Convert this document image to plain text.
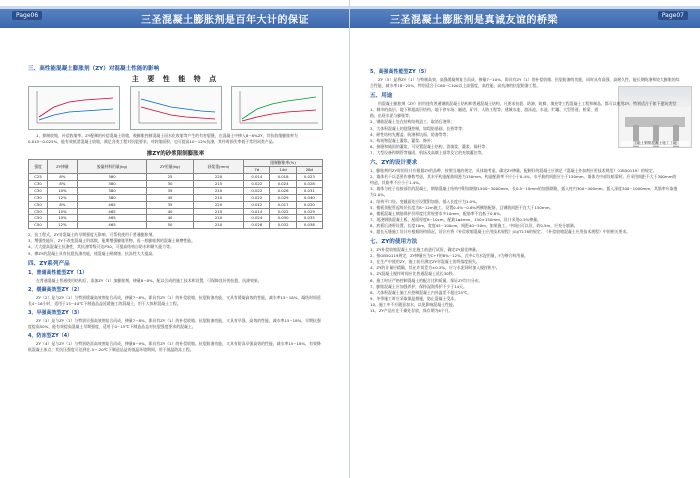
Page06	三圣混凝土膨胀剂是百年大计的保证
三、高性能混凝土膨胀剂（ZY）对混凝土性能的影响
主 要 性 能 特 点

1、抑制收缩，补偿收缩率。ZY配制的补偿混凝土收缩，被膨胀控制混凝土因水化收缩等产生的有害裂缝，在混凝土中掺入8~8%ZY，其抗收缩膨胀率为0.015~0.025%，能有效抵消混凝土收缩，满足各类工程对抗裂要求，对收缩面积、也可提高10~12%抗渗，其经时损失率低于常用同类产品。

掺ZY的砂浆限制膨胀率
强度	ZY掺量	胶凝材料用量(kg)	ZY用量(kg)	砂浆重(mm)	限制膨胀率(%)		
					7d	14d	28d
C25	8%	380	25	220	0.014	0.018	0.023
C30	8%	380	30	215	0.022	0.024	0.028
C30	10%	380	35	210	0.022	0.026	0.031
C30	12%	380	45	210	0.022	0.029	0.040
C50	8%	465	35	220	0.012	0.017	0.020
C50	10%	465	40	215	0.014	0.022	0.029
C50	10%	465	40	210	0.024	0.030	0.035
C50	12%	465	50	210	0.028	0.032	0.038

2、抗工程式，ZY对混凝土的早期强度无影响，可帮机使用于普通膨胀剂。

3、增强性能好，ZY不改变混凝土坍落数，能期增强膨胀管物，再一般膨胀剂的混凝土耐磨性能。

4、大大提高混凝土抗渗性，其抗渗等级可达P30，可提高结构自防水和耐久能力等。

5、掺ZY的混凝土具有抗裂抗渗功能，使混凝土耐腐蚀、抗冻性大大提高。

四、ZY系列产品
1、普通高性能型ZY（1）

在普通混凝土普通使用结构后，添加ZY（1）加膨胀剂，掺量8~8%，配以合成的施工技术和设置，可保障良好的抗裂、抗渗效果。

2、缓凝高效型ZY（2）

ZY（2）是与ZY（1）与特别缓凝高效剂复合而成，掺量7~8%，即具有ZY（1）的补偿收缩、抗裂防渗功能，又具有缓凝高效的性能，减水率15~18%，凝结时间延长4~16小时，适用于15~40℃下制造品益延缓施工的混凝土，用于大体积混凝土工程。

3、早强高效型ZY（3）

ZY（3）是与ZY（1）与特别早强高效剂复合而成，掺量7~8%，即具有ZY（1）的补偿收缩、抗裂防渗功能，又具有早强、高效的性能，减水率15~18%，早期抗强度提高50%，能有效提高混凝土早期强度，适用于0~15℃下制造品益对抗裂强度要求的混凝土。

4、防冻型ZY（4）

ZY（4）是与ZY（1）与特别防冻高效剂复合而成，掺量8~9%，即具有ZY（1）的补偿收缩、抗裂防渗功能，又具有防冻早强高效的性能，减水率15~18%，有效降低混凝土冰点，其抗压强度可达到在-5~-20℃下制造品益的低温环境期间，用于低温防冻工程。

Page07
三圣混凝土膨胀剂是真诚友谊的桥梁
工地上钢筋混凝土施工工地
5、高强高性能型ZY（5）

ZY（5）是将ZY（1）与特制高效、高强缓凝剂复合而成，掺量7~10%，即具有ZY（1）的补偿收缩、抗裂防渗的功能，同时具有高强、高耐久性，能长期防渗和较大膨胀的综合性能，减水率18~25%，特别适合于C60~C100以上高强度、高性能、高抗渗的抗裂防渗工程。

五、用途

用混凝土膨胀剂（ZY）的用途有普通钢筋混凝土结构和普通混凝土结构，凡要求抗裂、防渗、防腐、填充等工程混凝土工程和制品，都可以使用ZY，特别适合于如下建筑类型：

1、城市的高层、地下和超高层结构、地下停车场、隧道、矿井、人防工程等、建城水池、游泳池、水池、贮罐、大型管道、桥梁、道路、出现水泥与膨胀等；

2、钢筋混凝土处在结构结构造工、取消后浇带；

3、大体积混凝土的裂缝控制，如堤防基础、长桥等等；

4、耐性结构先覆盖、防渗和坑面、防渗等等；

5、构筑物混凝土灌浆、灌浆、修补；

6、接缝和锚固的灌浆，可设置混凝土结构，消填浆、灌浆、锚杆等；

7、大型设备和钢管等锚固，机场及高填土基等及它的充填灌注等。

六、ZY的设计要求

1、膨胀剂用ZY时的设计应根据ZY的品种，按照当地的规定，具体地考虑，确定ZY掺量，配制好的混凝土应满足《混凝土外加剂应用技术规范》（GB50119）的规定。

2、墙体若干以恶景作参数考虑，其水平构造配筋间距为150mm，构造配筋率不应小于0.4%，水平筋的间距应小于150mm，墙体为中部设暗梁时，应采用间距不大于300mm的构造，其筋率不应小于1.4%。

3、墙体与柱子连接部位的混凝土，钢筋混凝土结构中附加钢筋1500~3000mm，长0.5~10mm的加强钢筋，插入柱内300~400mm，插入深度300~1000mm，其筋率应取值为1.0%。

4、结构平口处、变截面处应设置附加筋，插入长度应为1.0%。

5、楼板顶配管起每层长度为8~12m施工，设置0.4%~0.6%两侧筋配筋，且钢筋间距不宜大于150mm。

6、楼板混凝土钢筋保护层厚度比常规要求多10mm，配筋率不宜低于0.6%。

7、现浇钢筋混凝土板，屋面厚度8~10cm，配筋1φ4mm，150×150mm，设计采用0.5%掺量。

8、底板后浇带设置，长度10m，宽度45~100cm，间距40~50m，如果施工，中间出可以设，约0.5m，应充分填满。

9、超长无缝施工设计应根据结构情况，设计应将《补偿收缩混凝土应用技术规程》JGJ/T178的规定；《补偿收缩混凝土应用技术规程》中的相关要求。

七、ZY的使用方法

1、ZY补偿收缩混凝土应在施工前进行试验，确定ZY最佳掺量。

2、按GB50119规定，ZY掺量应为C+F的8%~12%，式中C为水泥用量，F为掺合料用量。

3、在生产中使用ZY，施工前应测定ZY对混凝土的坍落度损失。

4、ZY的计量应精确，其允许误差为±0.5%，应与水泥同时加入搅拌机中。

5、ZY混凝土搅拌时间应比普通混凝土延长30秒。

6、施工时应严格控制混凝土的配合比和质量，保证ZY均匀分布。

7、膨胀混凝土应加强养护，保持湿润养护不少于14天。

8、大体积混凝土施工应控制混凝土内外温差不超过25℃。

9、冬季施工时应采取保温措施，防止混凝土受冻。

10、施工中不应随意加水，以免影响混凝土性能。

11、ZY产品应在干燥处存放，保存期为6个月。
